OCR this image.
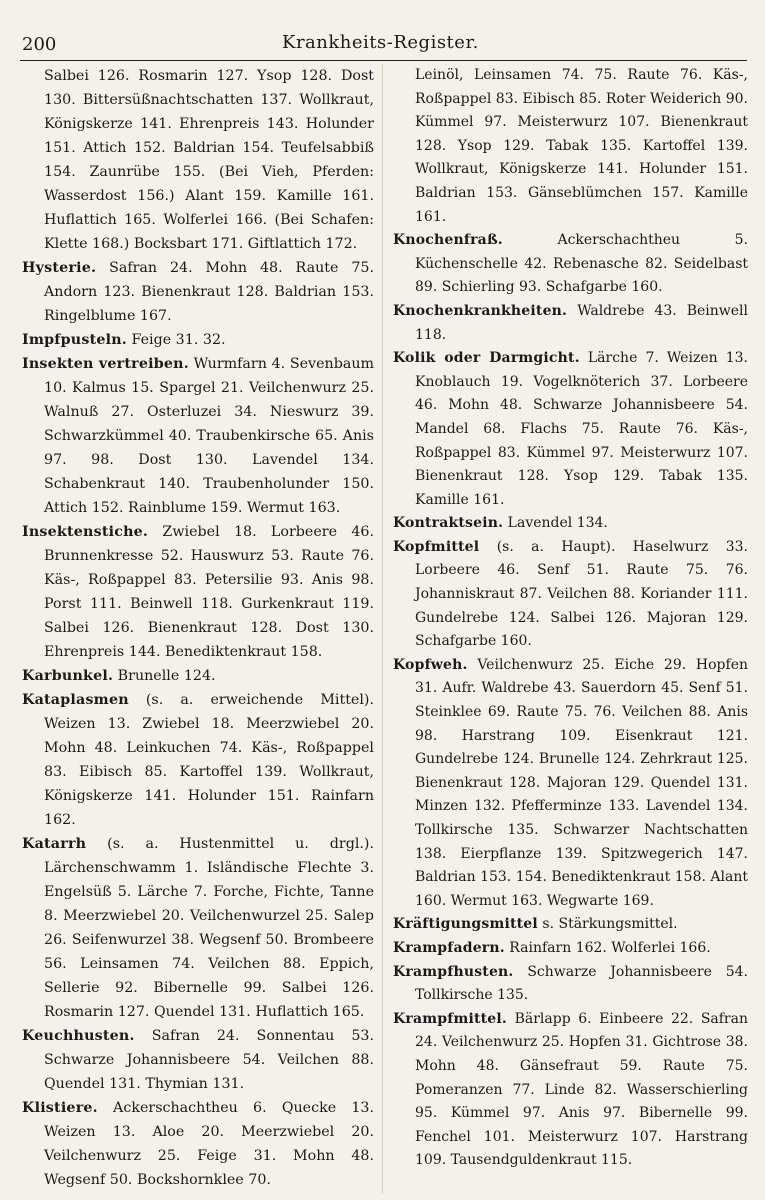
200	Krankheits-Register.

Salbei 126. Rosmarin 127. Ysop 128. Dost 130. Bittersüßnachtschatten 137. Wollkraut, Königskerze 141. Ehrenpreis 143. Holunder 151. Attich 152. Baldrian 154. Teufelsabbiß 154. Zaunrübe 155. (Bei Vieh, Pferden: Wasserdost 156.) Alant 159. Kamille 161. Huflattich 165. Wolferlei 166. (Bei Schafen: Klette 168.) Bocksbart 171. Giftlattich 172.

Hysterie. Safran 24. Mohn 48. Raute 75. Andorn 123. Bienenkraut 128. Baldrian 153. Ringelblume 167.

Impfpusteln. Feige 31. 32.

Insekten vertreiben. Wurmfarn 4. Sevenbaum 10. Kalmus 15. Spargel 21. Veilchenwurz 25. Walnuß 27. Osterluzei 34. Nieswurz 39. Schwarzkümmel 40. Traubenkirsche 65. Anis 97. 98. Dost 130. Lavendel 134. Schabenkraut 140. Traubenholunder 150. Attich 152. Rainblume 159. Wermut 163.

Insektenstiche. Zwiebel 18. Lorbeere 46. Brunnenkresse 52. Hauswurz 53. Raute 76. Käs-, Roßpappel 83. Petersilie 93. Anis 98. Porst 111. Beinwell 118. Gurkenkraut 119. Salbei 126. Bienenkraut 128. Dost 130. Ehrenpreis 144. Benediktenkraut 158.

Karbunkel. Brunelle 124.

Kataplasmen (s. a. erweichende Mittel). Weizen 13. Zwiebel 18. Meerzwiebel 20. Mohn 48. Leinkuchen 74. Käs-, Roßpappel 83. Eibisch 85. Kartoffel 139. Wollkraut, Königskerze 141. Holunder 151. Rainfarn 162.

Katarrh (s. a. Hustenmittel u. drgl.). Lärchenschwamm 1. Isländische Flechte 3. Engelsüß 5. Lärche 7. Forche, Fichte, Tanne 8. Meerzwiebel 20. Veilchenwurzel 25. Salep 26. Seifenwurzel 38. Wegsenf 50. Brombeere 56. Leinsamen 74. Veilchen 88. Eppich, Sellerie 92. Bibernelle 99. Salbei 126. Rosmarin 127. Quendel 131. Huflattich 165.

Keuchhusten. Safran 24. Sonnentau 53. Schwarze Johannisbeere 54. Veilchen 88. Quendel 131. Thymian 131.

Klistiere. Ackerschachtheu 6. Quecke 13. Weizen 13. Aloe 20. Meerzwiebel 20. Veilchenwurz 25. Feige 31. Mohn 48. Wegsenf 50. Bockshornklee 70.

Leinöl, Leinsamen 74. 75. Raute 76. Käs-, Roßpappel 83. Eibisch 85. Roter Weiderich 90. Kümmel 97. Meisterwurz 107. Bienenkraut 128. Ysop 129. Tabak 135. Kartoffel 139. Wollkraut, Königskerze 141. Holunder 151. Baldrian 153. Gänseblümchen 157. Kamille 161.

Knochenfraß.	Ackerschachtheu 5. Küchenschelle 42. Rebenasche 82. Seidelbast 89. Schierling 93. Schafgarbe 160.

Knochenkrankheiten. Waldrebe 43. Beinwell 118.

Kolik oder Darmgicht. Lärche 7. Weizen 13. Knoblauch 19. Vogelknöterich 37. Lorbeere 46. Mohn 48. Schwarze Johannisbeere 54. Mandel 68. Flachs 75. Raute 76. Käs-, Roßpappel 83. Kümmel 97. Meisterwurz 107. Bienenkraut 128. Ysop 129. Tabak 135. Kamille 161.

Kontraktsein. Lavendel 134.

Kopfmittel (s. a. Haupt). Haselwurz 33. Lorbeere 46. Senf 51. Raute 75. 76. Johanniskraut 87. Veilchen 88. Koriander 111. Gundelrebe 124. Salbei 126. Majoran 129. Schafgarbe 160.

Kopfweh. Veilchenwurz 25. Eiche 29. Hopfen 31. Aufr. Waldrebe 43. Sauerdorn 45. Senf 51. Steinklee 69. Raute 75. 76. Veilchen 88. Anis 98. Harstrang 109. Eisenkraut 121. Gundelrebe 124. Brunelle 124. Zehrkraut 125. Bienenkraut 128. Majoran 129. Quendel 131. Minzen 132. Pfefferminze 133. Lavendel 134. Tollkirsche 135. Schwarzer Nachtschatten 138. Eierpflanze 139. Spitzwegerich 147. Baldrian 153. 154. Benediktenkraut 158. Alant 160. Wermut 163. Wegwarte 169.

Kräftigungsmittel s. Stärkungsmittel.

Krampfadern. Rainfarn 162. Wolferlei 166.

Krampfhusten. Schwarze Johannisbeere 54. Tollkirsche 135.

Krampfmittel. Bärlapp 6. Einbeere 22. Safran 24. Veilchenwurz 25. Hopfen 31. Gichtrose 38. Mohn 48. Gänsefraut 59. Raute 75. Pomeranzen 77. Linde 82. Wasserschierling 95. Kümmel 97. Anis 97. Bibernelle 99. Fenchel 101. Meisterwurz 107. Harstrang 109. Tausendguldenkraut 115.
